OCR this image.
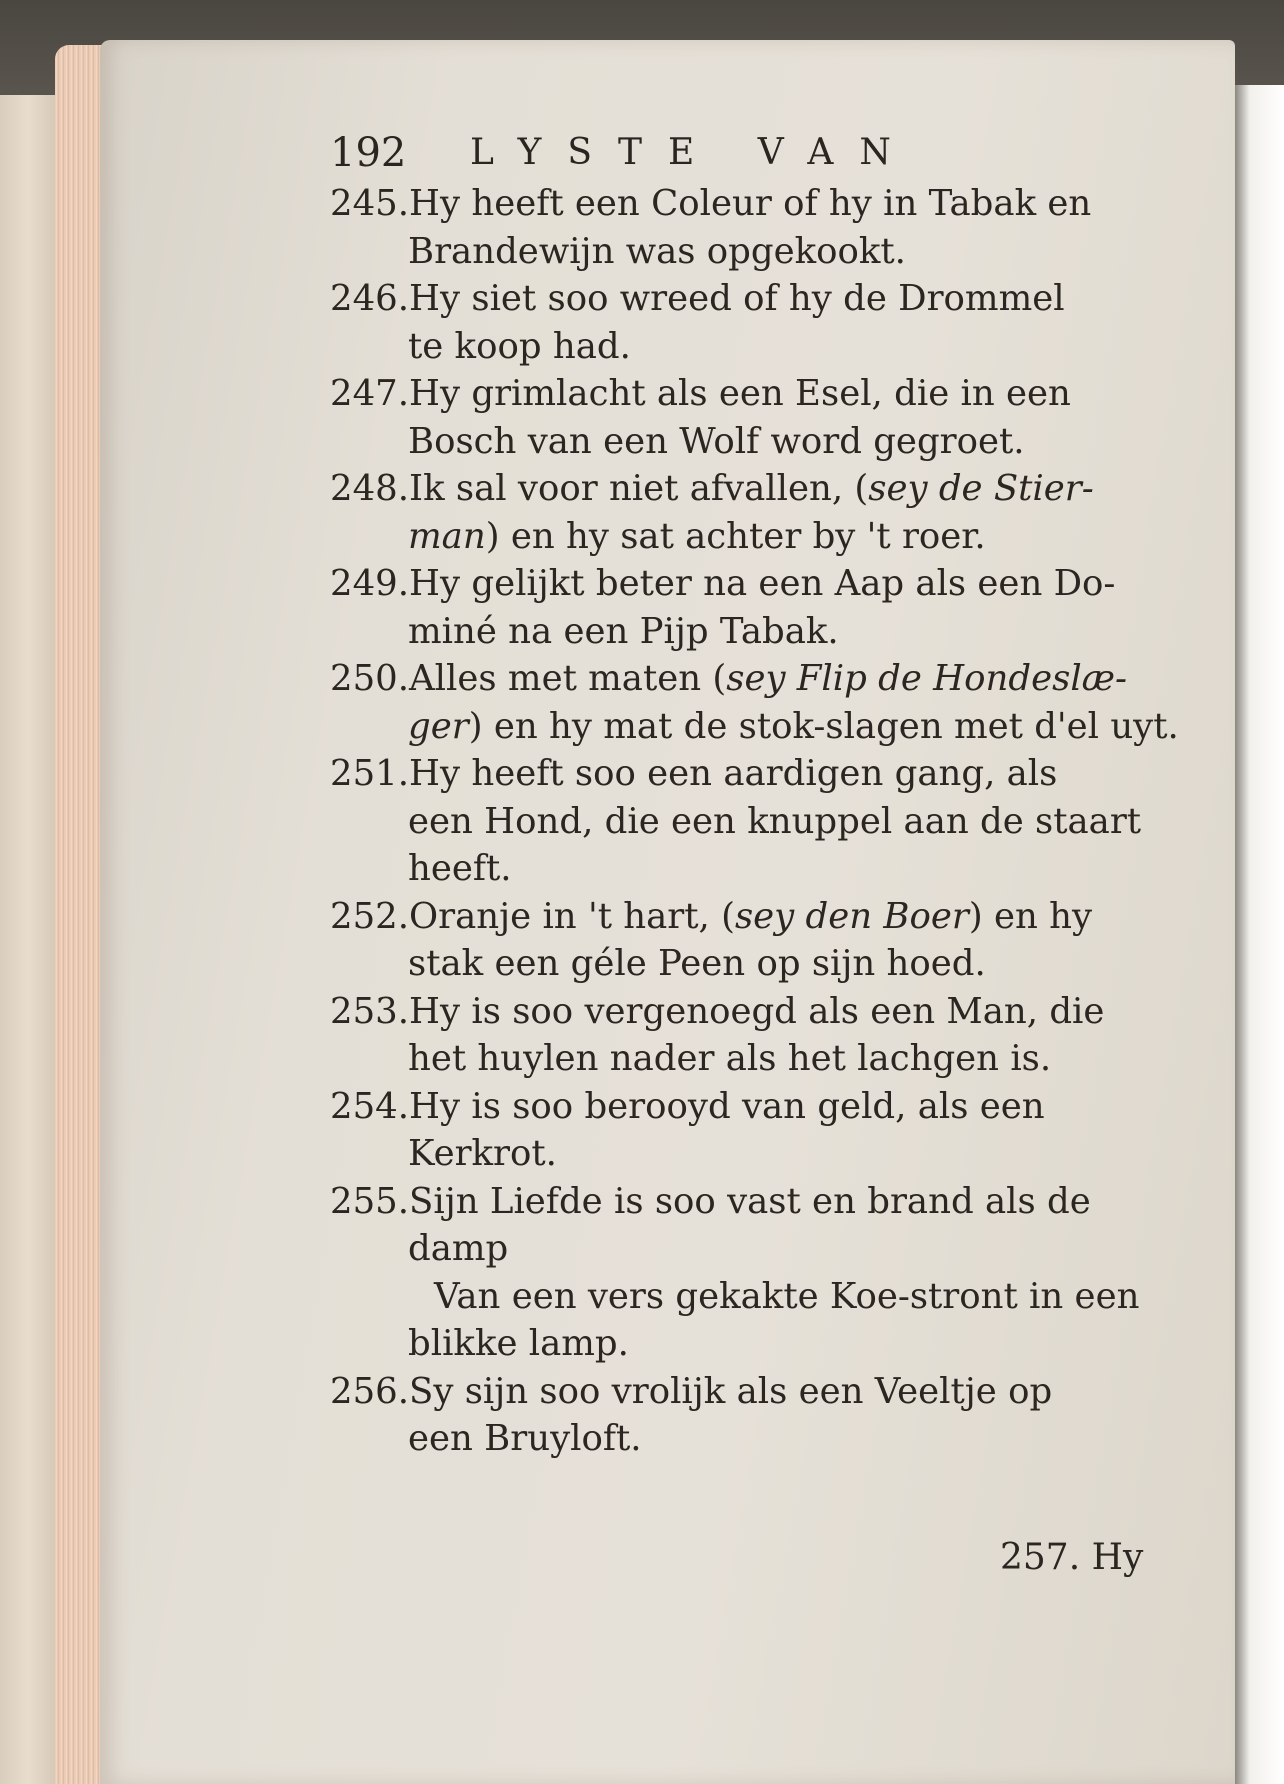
192 LYSTE VAN
245.Hy heeft een Coleur of hy in Tabak en
Brandewijn was opgekookt.
246.Hy siet soo wreed of hy de Drommel
te koop had.
247.Hy grimlacht als een Esel, die in een
Bosch van een Wolf word gegroet.
248.Ik sal voor niet afvallen, (sey de Stier-
man) en hy sat achter by 't roer.
249.Hy gelijkt beter na een Aap als een Do-
miné na een Pijp Tabak.
250.Alles met maten (sey Flip de Hondeslæ-
ger) en hy mat de stok-slagen met d'el uyt.
251.Hy heeft soo een aardigen gang, als
een Hond, die een knuppel aan de staart
heeft.
252.Oranje in 't hart, (sey den Boer) en hy
stak een géle Peen op sijn hoed.
253.Hy is soo vergenoegd als een Man, die
het huylen nader als het lachgen is.
254.Hy is soo berooyd van geld, als een
Kerkrot.
255.Sijn Liefde is soo vast en brand als de
damp
Van een vers gekakte Koe-stront in een
blikke lamp.
256.Sy sijn soo vrolijk als een Veeltje op
een Bruyloft.
257. Hy
